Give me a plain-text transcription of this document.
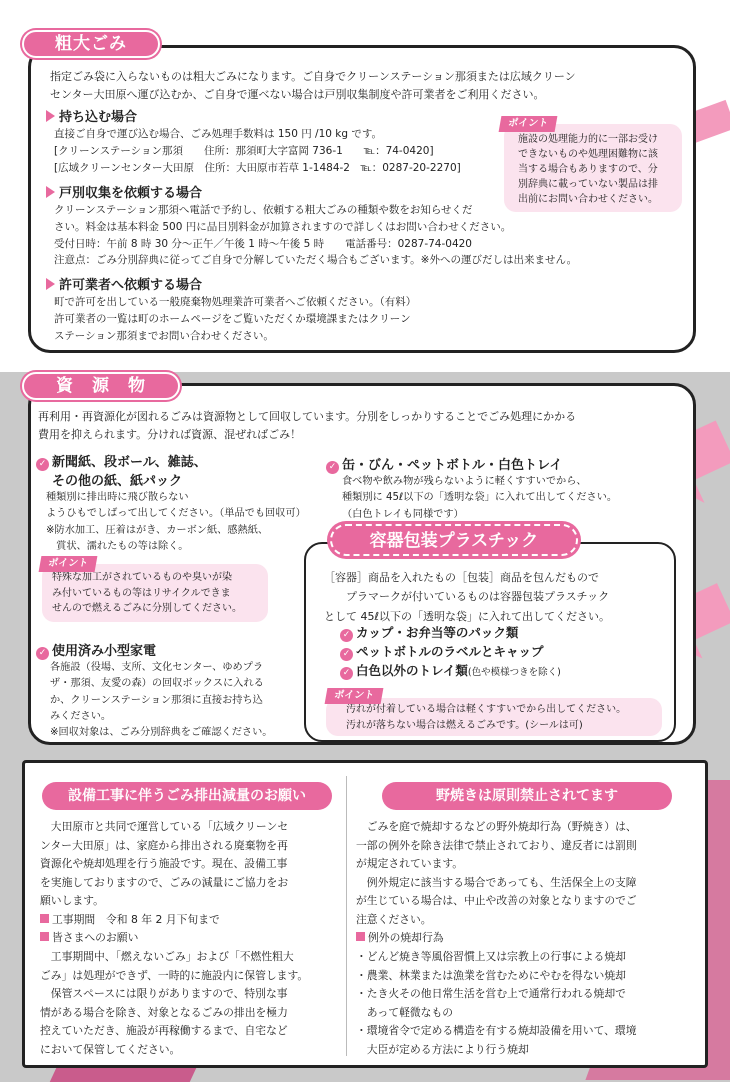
粗大ごみ
指定ごみ袋に入らないものは粗大ごみになります。ご自身でクリーンステーション那須または広域クリーン
センター大田原へ運び込むか、ご自身で運べない場合は戸別収集制度や許可業者をご利用ください。
持ち込む場合
直接ご自身で運び込む場合、ごみ処理手数料は 150 円 /10 kg です。
[クリーンステーション那須　　住所：那須町大字富岡 736-1　　℡：74-0420]
[広域クリーンセンター大田原　住所：大田原市若草 1-1484-2　℡：0287-20-2270]
戸別収集を依頼する場合
クリーンステーション那須へ電話で予約し、依頼する粗大ごみの種類や数をお知らせくだ
さい。料金は基本料金 500 円に品目別料金が加算されますので詳しくはお問い合わせください。
受付日時：午前 8 時 30 分～正午／午後 1 時～午後 5 時　　電話番号：0287-74-0420
注意点：ごみ分別辞典に従ってご自身で分解していただく場合もございます。※外への運びだしは出来ません。
許可業者へ依頼する場合
町で許可を出している一般廃棄物処理業許可業者へご依頼ください。（有料）
許可業者の一覧は町のホームページをご覧いただくか環境課またはクリーン
ステーション那須までお問い合わせください。
施設の処理能力的に一部お受け
できないものや処理困難物に該
当する場合もありますので、分
別辞典に載っていない製品は排
出前にお問い合わせください。
ポイント
資　源　物
再利用・再資源化が図れるごみは資源物として回収しています。分別をしっかりすることでごみ処理にかかる
費用を抑えられます。分ければ資源、混ぜればごみ！
✓ 新聞紙、段ボール、雑誌、
その他の紙、紙パック
種類別に排出時に飛び散らない
ようひもでしばって出してください。（単品でも回収可）
※防水加工、圧着はがき、カーボン紙、感熱紙、
　賞状、濡れたもの等は除く。
特殊な加工がされているものや臭いが染
み付いているもの等はリサイクルできま
せんので燃えるごみに分別してください。
ポイント
✓ 使用済み小型家電
各施設（役場、支所、文化センター、ゆめプラ
ザ・那須、友愛の森）の回収ボックスに入れる
か、クリーンステーション那須に直接お持ち込
みください。
※回収対象は、ごみ分別辞典をご確認ください。
✓ 缶・びん・ペットボトル・白色トレイ
食べ物や飲み物が残らないように軽くすすいでから、
種類別に 45ℓ以下の「透明な袋」に入れて出してください。
（白色トレイも同様です）
容器包装プラスチック
［容器］商品を入れたもの［包装］商品を包んだもので
　　プラマークが付いているものは容器包装プラスチック
として 45ℓ以下の「透明な袋」に入れて出してください。
✓ カップ・お弁当等のパック類
✓ ペットボトルのラベルとキャップ
✓ 白色以外のトレイ類(色や模様つきを除く)
汚れが付着している場合は軽くすすいでから出してください。
汚れが落ちない場合は燃えるごみです。(シールは可)
ポイント
設備工事に伴うごみ排出減量のお願い
　大田原市と共同で運営している「広域クリーンセ
ンター大田原」は、家庭から排出される廃棄物を再
資源化や焼却処理を行う施設です。現在、設備工事
を実施しておりますので、ごみの減量にご協力をお
願いします。
工事期間　令和 8 年 2 月下旬まで
皆さまへのお願い
　工事期間中、「燃えないごみ」および「不燃性粗大
ごみ」は処理ができず、一時的に施設内に保管します。
　保管スペースには限りがありますので、特別な事
情がある場合を除き、対象となるごみの排出を極力
控えていただき、施設が再稼働するまで、自宅など
において保管してください。
野焼きは原則禁止されてます
　ごみを庭で焼却するなどの野外焼却行為（野焼き）は、
一部の例外を除き法律で禁止されており、違反者には罰則
が規定されています。
　例外規定に該当する場合であっても、生活保全上の支障
が生じている場合は、中止や改善の対象となりますのでご
注意ください。
例外の焼却行為
・どんど焼き等風俗習慣上又は宗教上の行事による焼却
・農業、林業または漁業を営むためにやむを得ない焼却
・たき火その他日常生活を営む上で通常行われる焼却で
　あって軽微なもの
・環境省令で定める構造を有する焼却設備を用いて、環境
　大臣が定める方法により行う焼却
